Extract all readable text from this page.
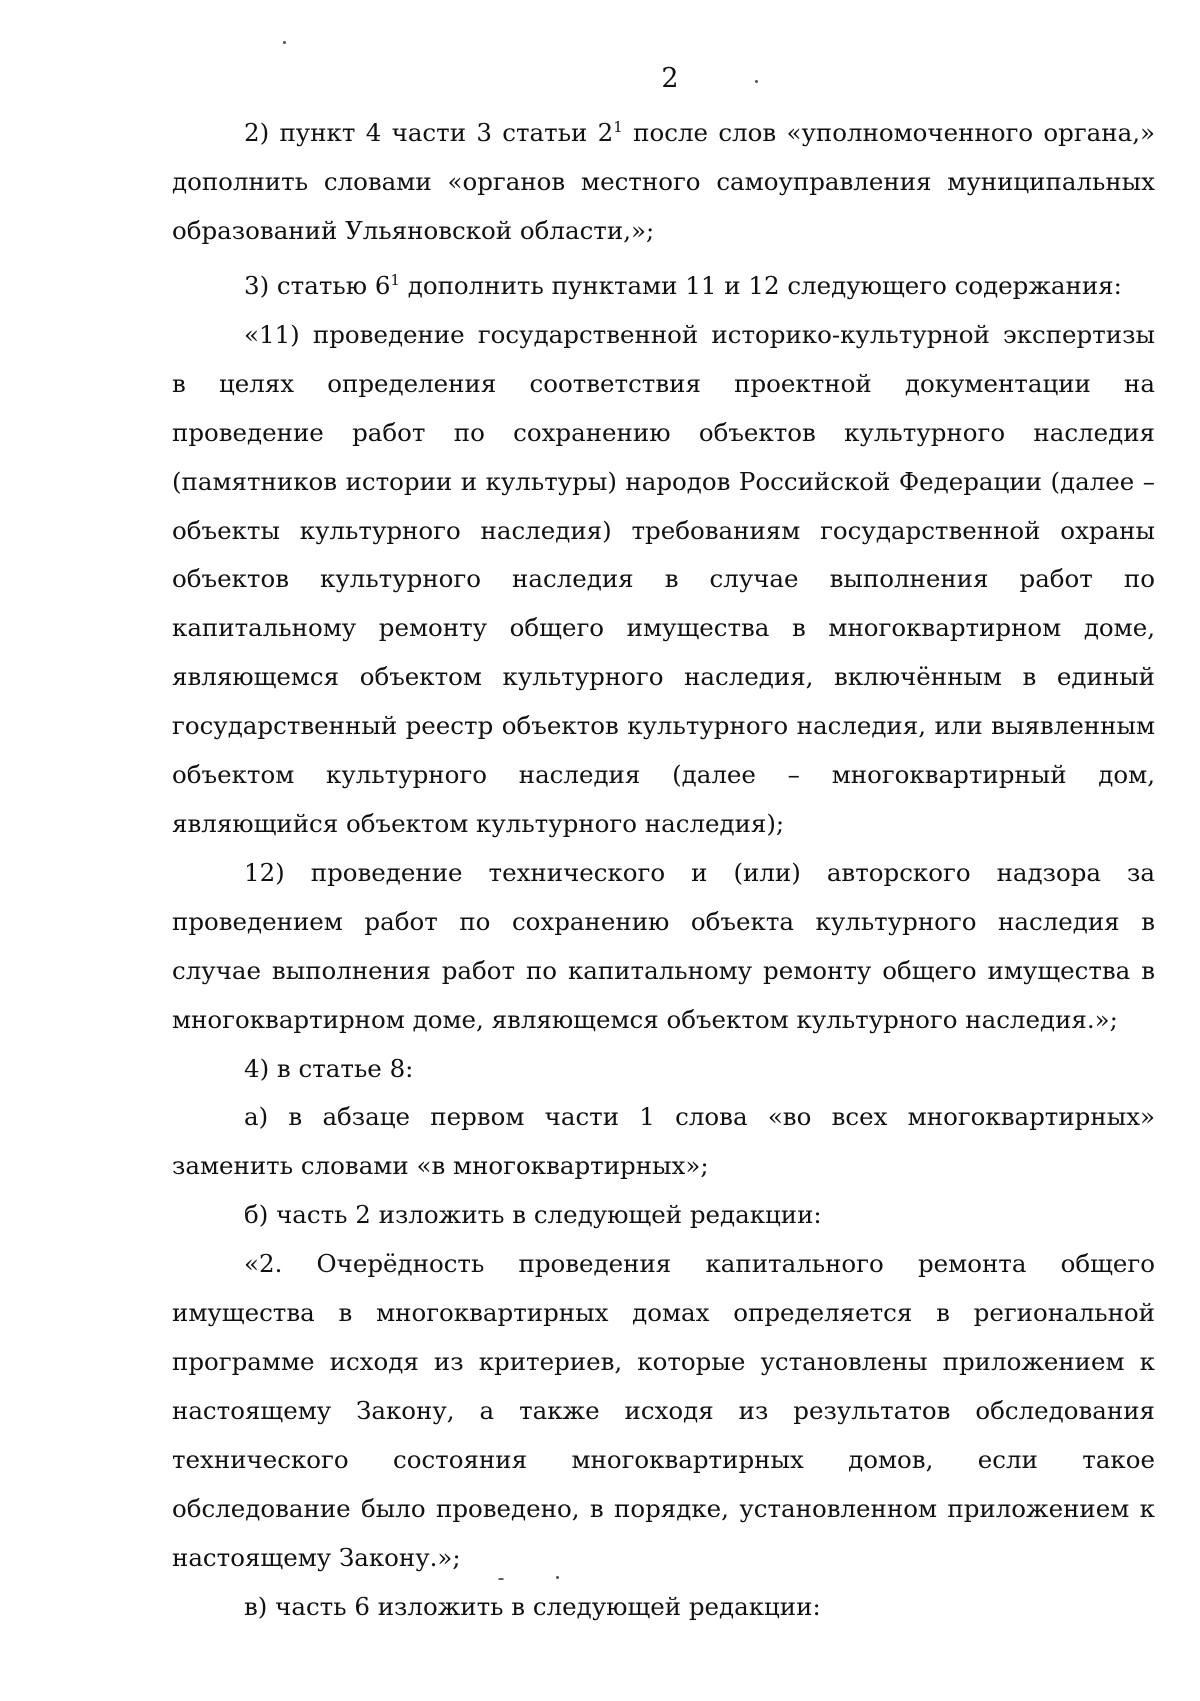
2

2) пункт 4 части 3 статьи $2^1$ после слов «уполномоченного органа,» дополнить словами «органов местного самоуправления муниципальных образований Ульяновской области,»;

3) статью $6^1$ дополнить пунктами 11 и 12 следующего содержания:

«11) проведение государственной историко-культурной экспертизы в целях определения соответствия проектной документации на проведение работ по сохранению объектов культурного наследия (памятников истории и культуры) народов Российской Федерации (далее – объекты культурного наследия) требованиям государственной охраны объектов культурного наследия в случае выполнения работ по капитальному ремонту общего имущества в многоквартирном доме, являющемся объектом культурного наследия, включённым в единый государственный реестр объектов культурного наследия, или выявленным объектом культурного наследия (далее – многоквартирный дом, являющийся объектом культурного наследия);

12) проведение технического и (или) авторского надзора за проведением работ по сохранению объекта культурного наследия в случае выполнения работ по капитальному ремонту общего имущества в многоквартирном доме, являющемся объектом культурного наследия.»;

4) в статье 8:

а) в абзаце первом части 1 слова «во всех многоквартирных» заменить словами «в многоквартирных»;

б) часть 2 изложить в следующей редакции:

«2. Очерёдность проведения капитального ремонта общего имущества в многоквартирных домах определяется в региональной программе исходя из критериев, которые установлены приложением к настоящему Закону, а также исходя из результатов обследования технического состояния многоквартирных домов, если такое обследование было проведено, в порядке, установленном приложением к настоящему Закону.»;

в) часть 6 изложить в следующей редакции:
